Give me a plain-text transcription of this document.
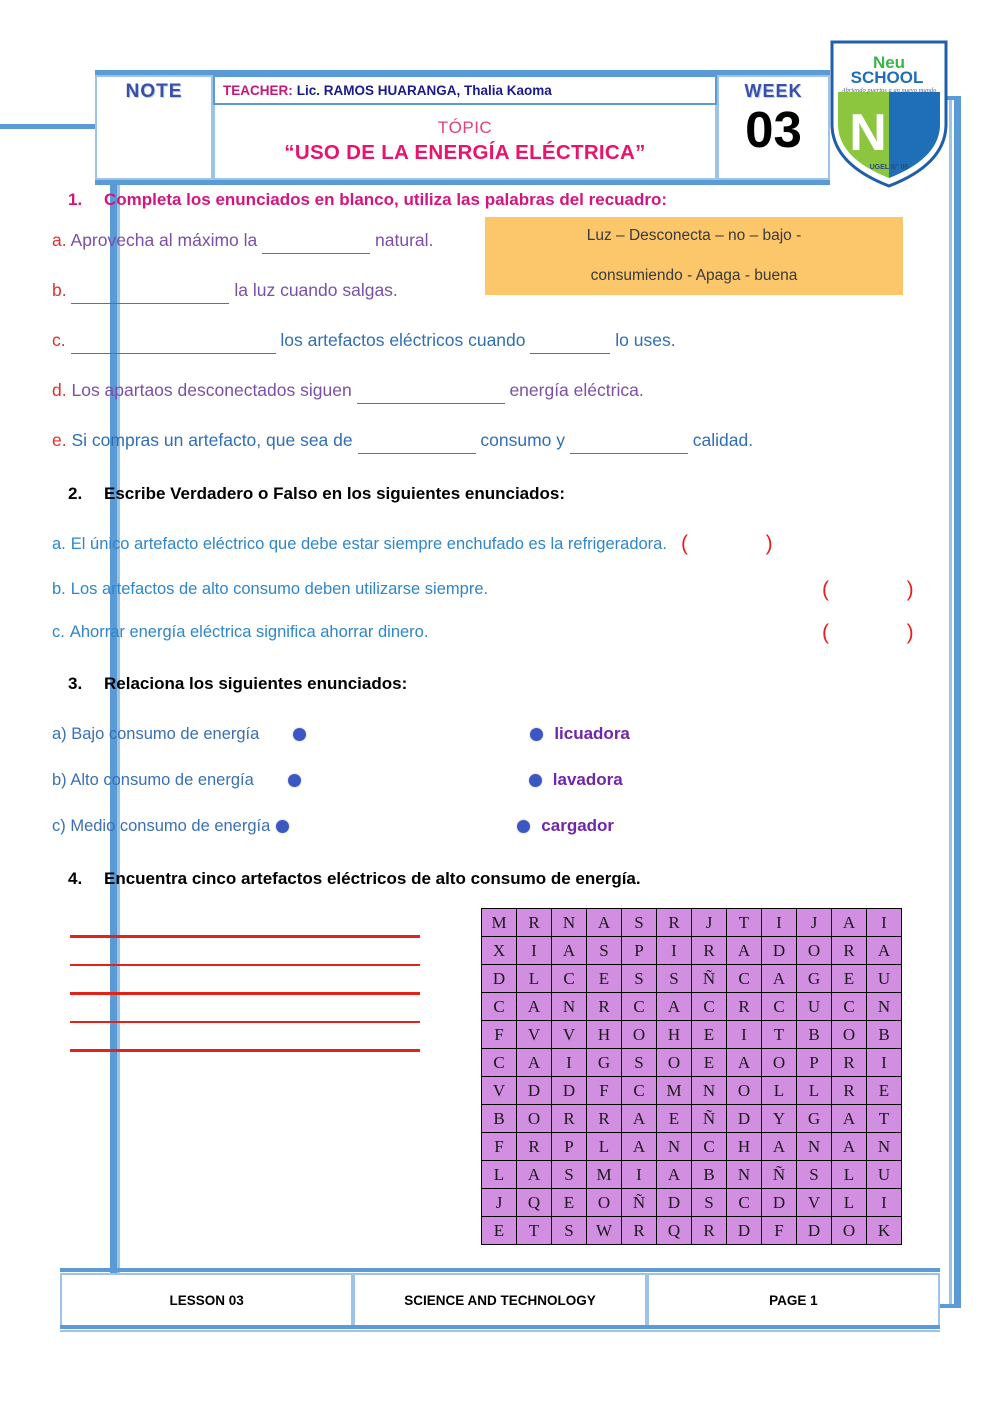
NOTE	TEACHER: Lic. RAMOS HUARANGA, Thalia Kaoma
TÓPIC
“USO DE LA ENERGÍA ELÉCTRICA”
WEEK
03
Neu
SCHOOL
Abriendo puertas a un nuevo mundo
N S
UGEL N° 05
1.	Completa los enunciados en blanco, utiliza las palabras del recuadro:
a. Aprovecha al máximo la	natural.
b.	la luz cuando salgas.
c.	los artefactos eléctricos cuando	lo uses.
d. Los apartaos desconectados siguen	energía eléctrica.
e. Si compras un artefacto, que sea de	consumo y	calidad.
2.	Escribe Verdadero o Falso en los siguientes enunciados:
a. El único artefacto eléctrico que debe estar siempre enchufado es la refrigeradora. (  )
b. Los artefactos de alto consumo deben utilizarse siempre.	(  )
c. Ahorrar energía eléctrica significa ahorrar dinero.	(  )
3.	Relaciona los siguientes enunciados:
a) Bajo consumo de energía	licuadora
b) Alto consumo de energía	lavadora
c) Medio consumo de energía	cargador
4.	Encuentra cinco artefactos eléctricos de alto consumo de energía.
Luz – Desconecta – no – bajo -
consumiendo - Apaga - buena
M	R	N	A	S	R	J	T	I	J	A	I
X	I	A	S	P	I	R	A	D	O	R	A
D	L	C	E	S	S	Ñ	C	A	G	E	U
C	A	N	R	C	A	C	R	C	U	C	N
F	V	V	H	O	H	E	I	T	B	O	B
C	A	I	G	S	O	E	A	O	P	R	I
V	D	D	F	C	M	N	O	L	L	R	E
B	O	R	R	A	E	Ñ	D	Y	G	A	T
F	R	P	L	A	N	C	H	A	N	A	N
L	A	S	M	I	A	B	N	Ñ	S	L	U
J	Q	E	O	Ñ	D	S	C	D	V	L	I
E	T	S	W	R	Q	R	D	F	D	O	K
LESSON 03	SCIENCE AND TECHNOLOGY	PAGE 1
